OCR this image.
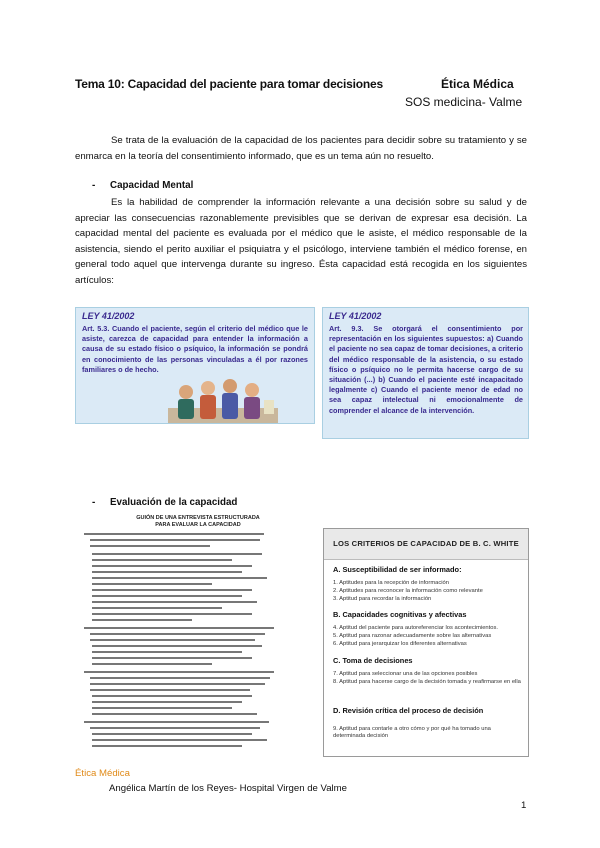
Tema 10: Capacidad del paciente para tomar decisiones	Ética Médica
SOS medicina- Valme
Se trata de la evaluación de la capacidad de los pacientes para decidir sobre su tratamiento y se enmarca en la teoría del consentimiento informado, que es un tema aún no resuelto.
- Capacidad Mental
Es la habilidad de comprender la información relevante a una decisión sobre su salud y de apreciar las consecuencias razonablemente previsibles que se derivan de expresar esa decisión. La capacidad mental del paciente es evaluada por el médico que le asiste, el médico responsable de la asistencia, siendo el perito auxiliar el psiquiatra y el psicólogo, interviene también el médico forense, en general todo aquel que intervenga durante su ingreso. Ésta capacidad está recogida en los siguientes artículos:
LEY 41/2002
Art. 5.3. Cuando el paciente, según el criterio del médico que le asiste, carezca de capacidad para entender la información a causa de su estado físico o psíquico, la información se pondrá en conocimiento de las personas vinculadas a él por razones familiares o de hecho.
LEY 41/2002
Art. 9.3. Se otorgará el consentimiento por representación en los siguientes supuestos: a) Cuando el paciente no sea capaz de tomar decisiones, a criterio del médico responsable de la asistencia, o su estado físico o psíquico no le permita hacerse cargo de su situación (...) b) Cuando el paciente esté incapacitado legalmente c) Cuando el paciente menor de edad no sea capaz intelectual ni emocionalmente de comprender el alcance de la intervención.
- Evaluación de la capacidad
GUIÓN DE UNA ENTREVISTA ESTRUCTURADA
PARA EVALUAR LA CAPACIDAD
LOS CRITERIOS DE CAPACIDAD DE B. C. WHITE
A. Susceptibilidad de ser informado:
1. Aptitudes para la recepción de información
2. Aptitudes para reconocer la información como relevante
3. Aptitud para recordar la información
B. Capacidades cognitivas y afectivas
4. Aptitud del paciente para autoreferenciar los acontecimientos.
5. Aptitud para razonar adecuadamente sobre las alternativas
6. Aptitud para jerarquizar los diferentes alternativas
C. Toma de decisiones
7. Aptitud para seleccionar una de las opciones posibles
8. Aptitud para hacerse cargo de la decisión tomada y reafirmarse en ella
D. Revisión crítica del proceso de decisión
9. Aptitud para contarle a otro cómo y por qué ha tomado una determinada decisión
Ética Médica
Angélica Martín de los Reyes- Hospital Virgen de Valme
1
